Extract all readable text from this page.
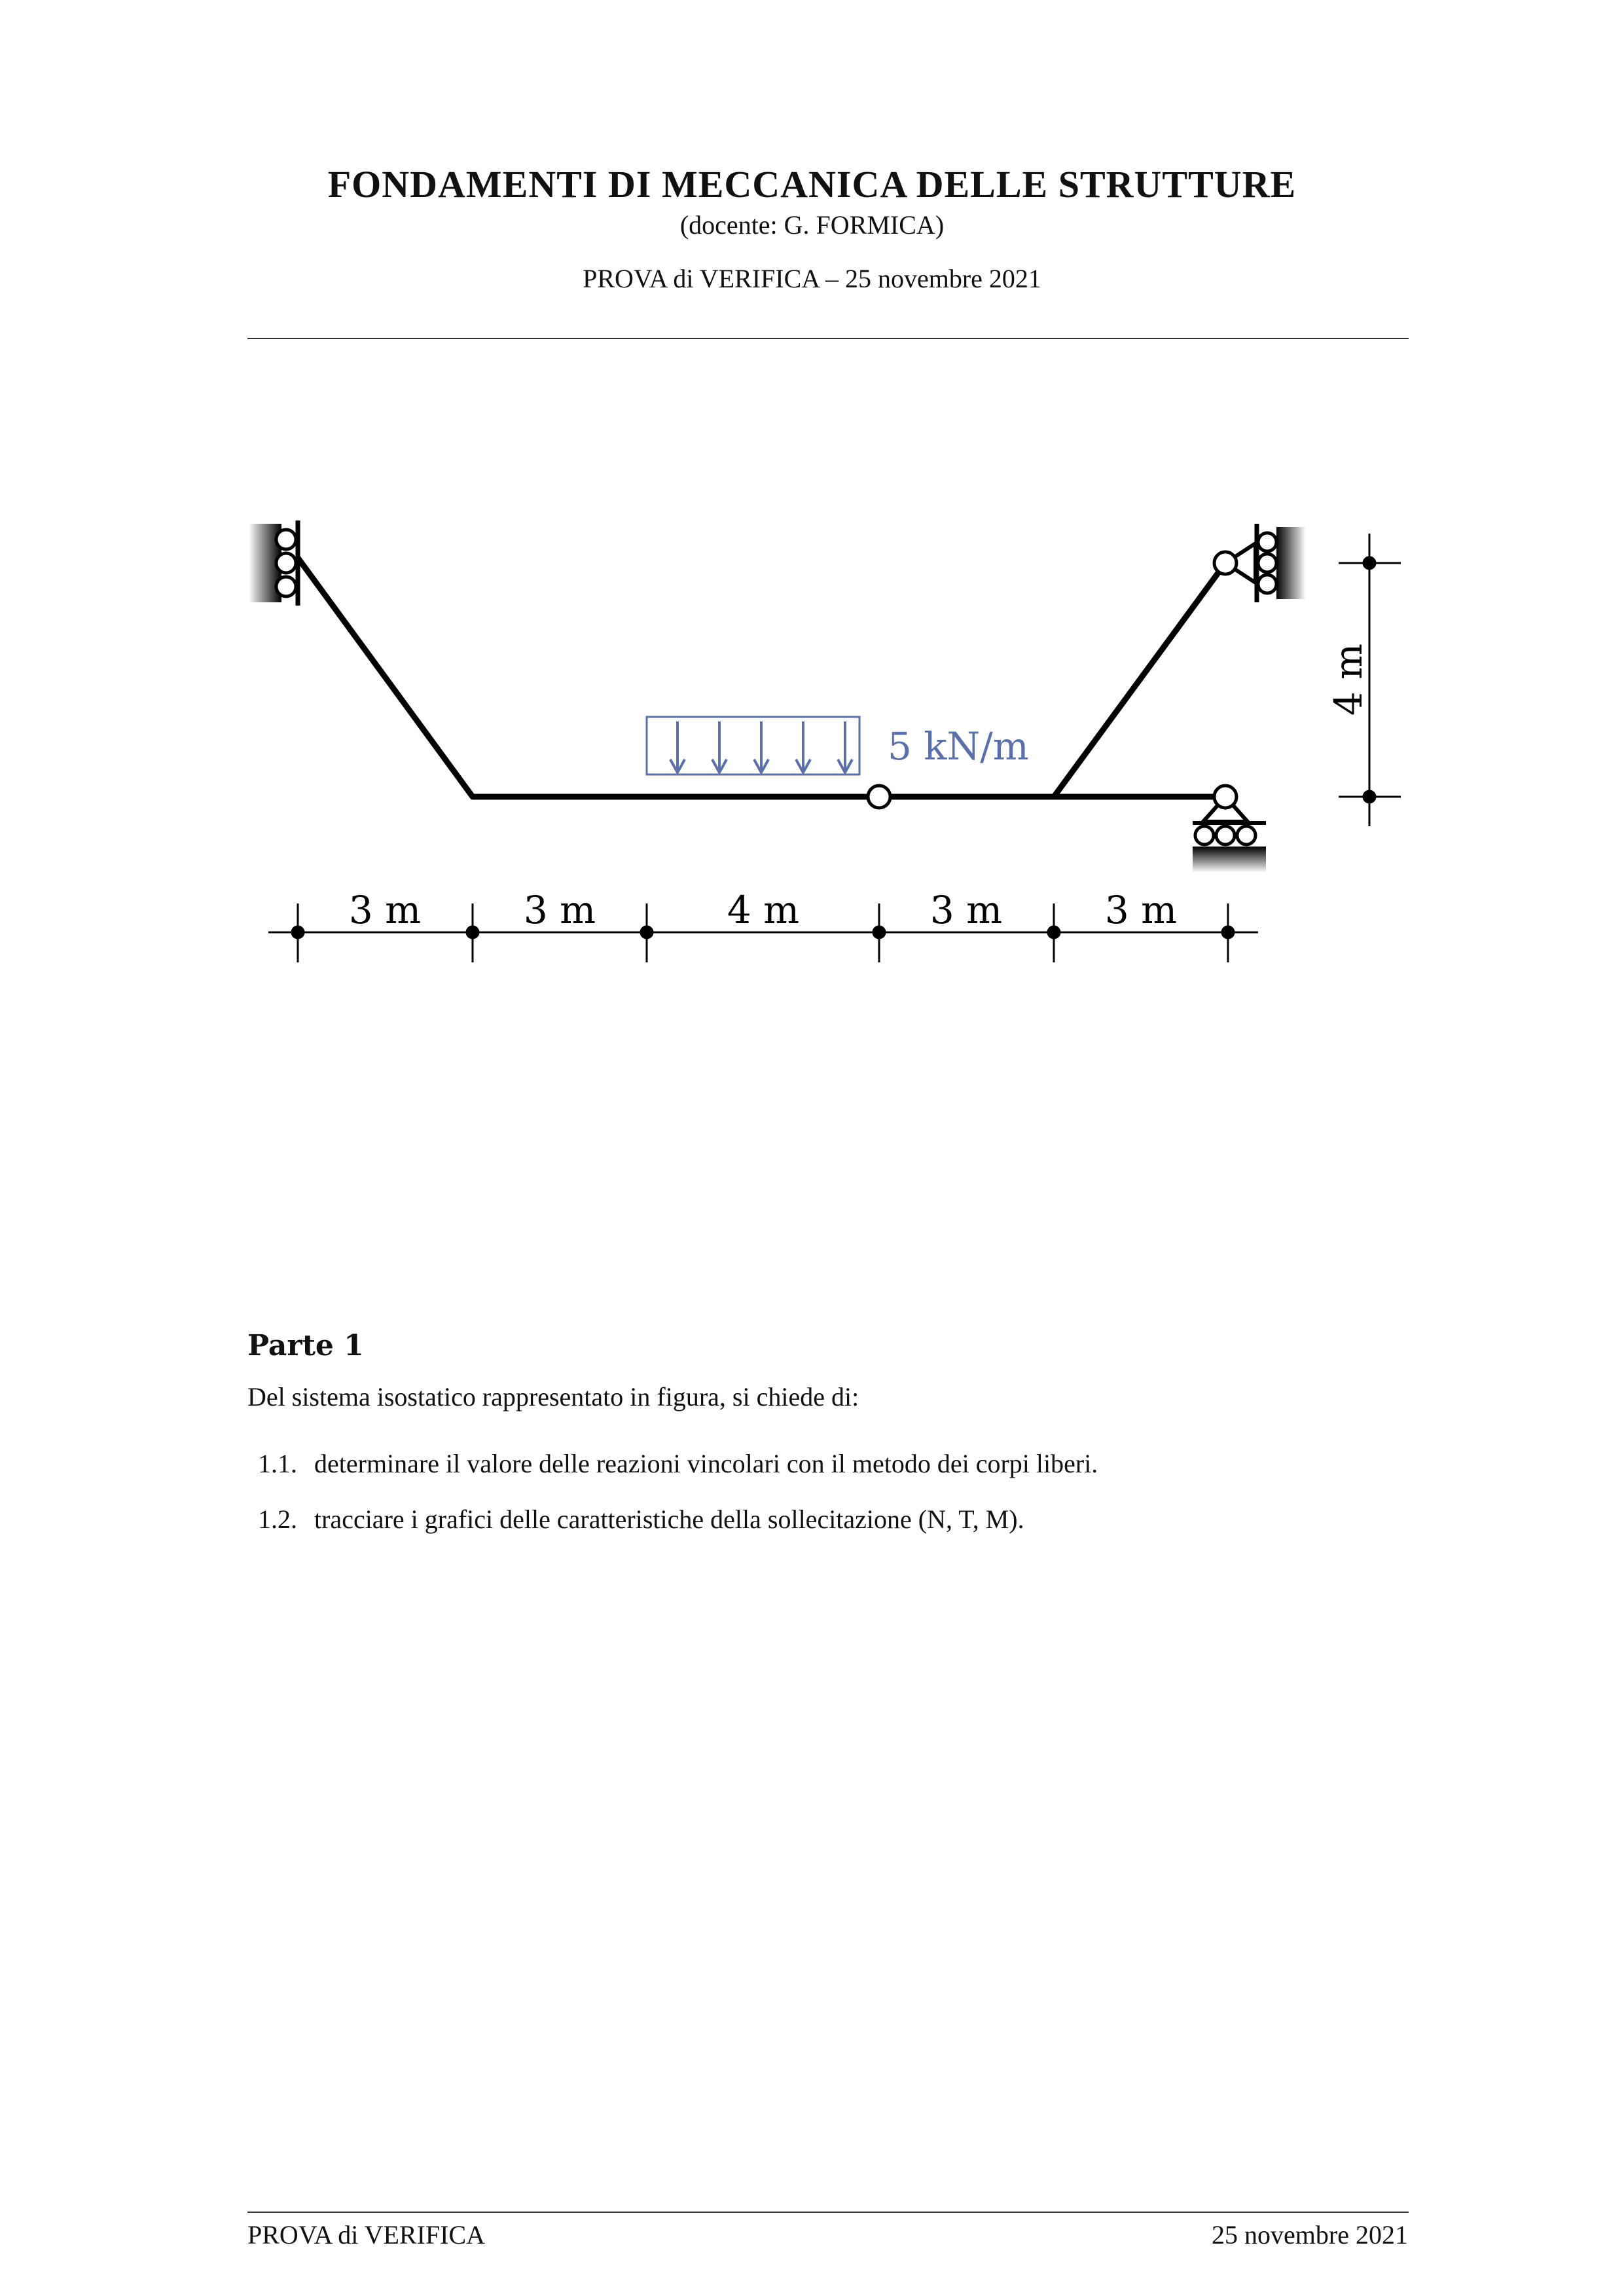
FONDAMENTI DI MECCANICA DELLE STRUTTURE
(docente: G. FORMICA)
PROVA di VERIFICA – 25 novembre 2021
5 kN/m
3 m	3 m	4 m	3 m	3 m
4 m
Parte 1
Del sistema isostatico rappresentato in figura, si chiede di:
1.1. determinare il valore delle reazioni vincolari con il metodo dei corpi liberi.
1.2. tracciare i grafici delle caratteristiche della sollecitazione (N, T, M).
PROVA di VERIFICA	25 novembre 2021
